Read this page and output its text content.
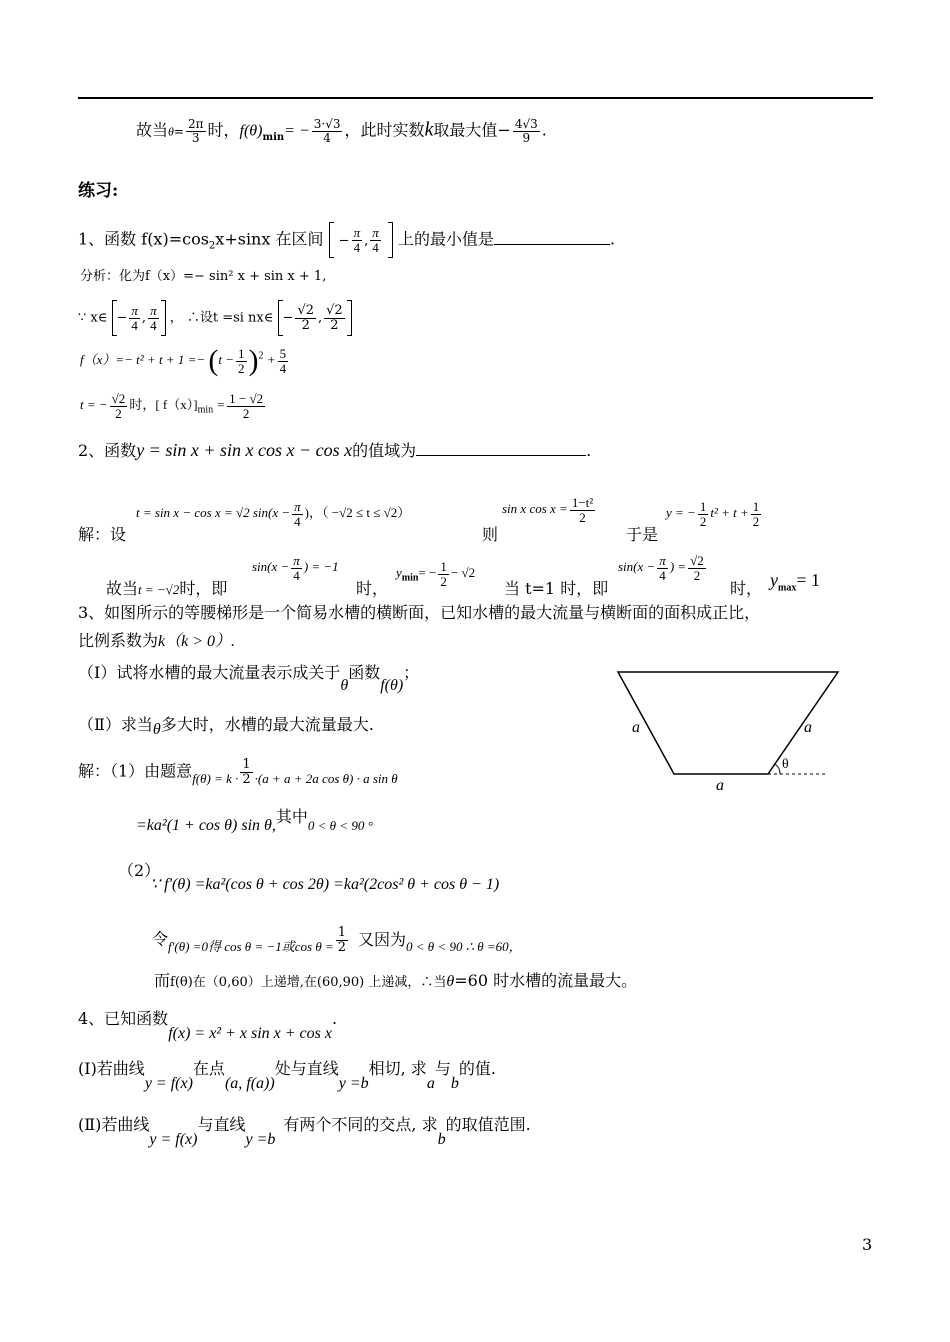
故当$\theta= \frac{2\pi}{3}$ 时，$f(\theta)_{min}= - \frac{3\cdot√3}{4}$ ，此时实数k取最大值− $\frac{4√3}{9}$ .
练习:
1、函数 $f(x)=\cos_2x+\sin x$ 在区间 − $\frac{\pi}{4}$ , $\frac{\pi}{4}$ 上的最小值是	.
分析：化为f（x）=− sin² x + sin x + 1,
∵ x∈ − $\frac{\pi}{4}$ , $\frac{\pi}{4}$ ， ∴设t =si nx∈ − $\frac{√2}{2}$ , $\frac{√2}{2}$
$f(x)=- t^2 + t + 1 =- (t - \frac{1}{2} )^2 + \frac{5}{4}$
t = − $\frac{√2}{2}$ 时，[ $f(x)]_{min} = \frac{1 - √2}{2}$
2、函数y = sin x + sin x cos x − cos x的值域为	.
解：设
t = sin x − cos x = √2 $\sin(x - \frac{\pi}{4}$ )，（ −√2 ≤ t ≤ √2）
则
sin x $\cos x = \frac{\text{1−t²}}{2}$
于是
y = − $\frac{1}{2} t^2 + t + \frac{1}{2}$
故当t = −√2时，即
$\sin(x - \frac{\pi}{4}$ ) = −1
时，
$y_{min}= - \frac{1}{2} - √2$
当 t=1 时，即
$\sin(x - \frac{\pi}{4}$ ) = $\frac{√2}{2}$
时， $y_{max}= 1$
3、如图所示的等腰梯形是一个简易水槽的横断面，已知水槽的最大流量与横断面的面积成正比，
比例系数为k（k > 0）.
（Ⅰ）试将水槽的最大流量表示成关于θ函数f(θ)；
（Ⅱ）求当θ多大时，水槽的最大流量最大.	a	a
a
θ
解：（1）由题意$_{f(\theta) = k \cdot} \frac{1}{2} _{\cdot(a + a + 2a cos \theta) \cdot a sin \theta}$
=ka²(1 + cos θ) sin θ,其中0 < θ < 90 °
（2）
∵ f'(θ) =ka²(cos θ + cos 2θ) =ka²(2cos² θ + cos θ − 1)
令$_{f'(\theta) =0得 cos \theta = -1或cos \theta =} \frac{1}{2}$ 又因为$_{0 < \theta < 90 \therefore \theta =60,}$
而f(θ)在（0,60）上递增,在(60,90) 上递减，∴当θ=60 时水槽的流量最大。
4、已知函数f(x) = x² + x sin x + cos x.
(Ⅰ)若曲线y = f(x)在点(a, f(a))处与直线y =b相切, 求a与b的值.
(Ⅱ)若曲线y = f(x)与直线y =b有两个不同的交点, 求b的取值范围.
3
